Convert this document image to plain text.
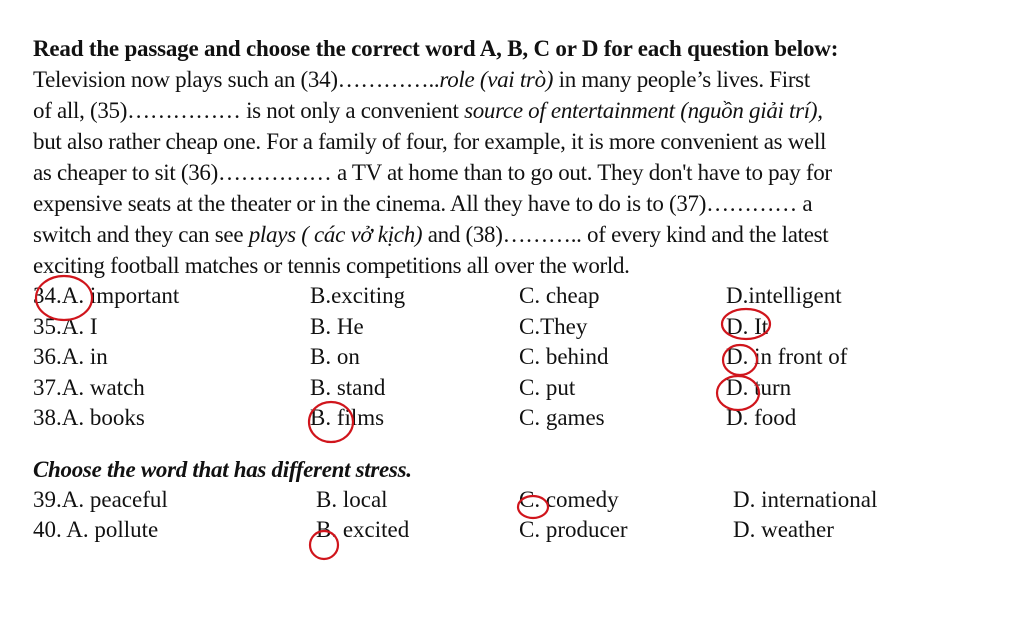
Read the passage and choose the correct word A, B, C or D for each question below:
Television now plays such an (34)…………..role (vai trò) in many people’s lives. First
of all, (35)…………… is not only a convenient source of entertainment (nguồn giải trí),
but also rather cheap one. For a family of four, for example, it is more convenient as well
as cheaper to sit (36)…………… a TV at home than to go out. They don't have to pay for
expensive seats at the theater or in the cinema. All they have to do is to (37)………… a
switch and they can see plays ( các vở kịch) and (38)……….. of every kind and the latest
exciting football matches or tennis competitions all over the world.
34.A. important	B.exciting	C. cheap	D.intelligent
35.A. I	B. He	C.They	D. It
36.A. in	B. on	C. behind	D. in front of
37.A. watch	B. stand	C. put	D. turn
38.A. books	B. films	C. games	D. food
Choose the word that has different stress.
39.A. peaceful	B. local	C. comedy	D. international
40. A. pollute	B. excited	C. producer	D. weather
